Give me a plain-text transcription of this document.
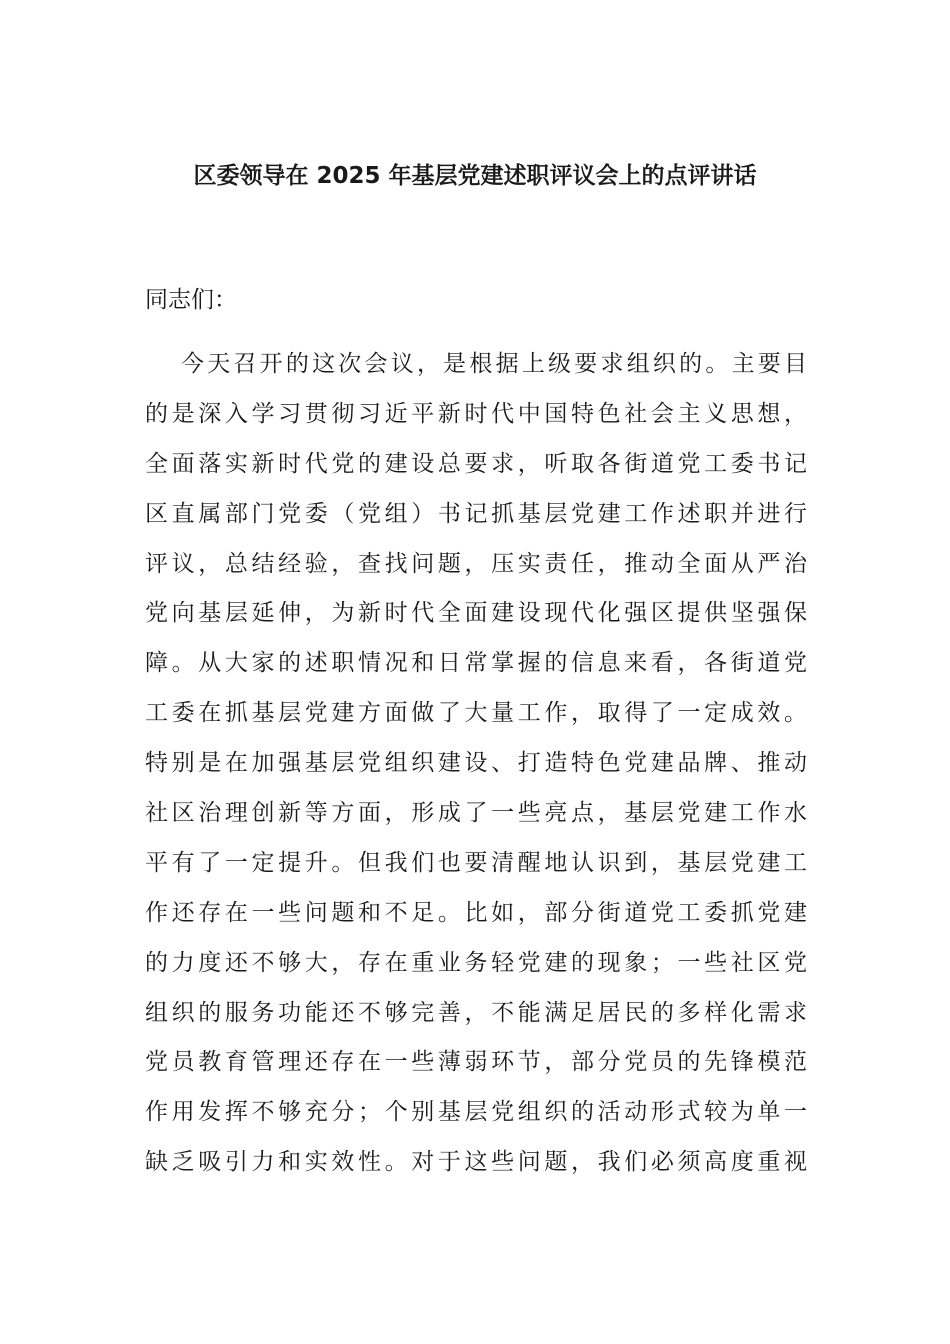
区委领导在 2025 年基层党建述职评议会上的点评讲话

同志们：

今天召开的这次会议，是根据上级要求组织的。主要目
的是深入学习贯彻习近平新时代中国特色社会主义思想，
全面落实新时代党的建设总要求，听取各街道党工委书记
区直属部门党委（党组）书记抓基层党建工作述职并进行
评议，总结经验，查找问题，压实责任，推动全面从严治
党向基层延伸，为新时代全面建设现代化强区提供坚强保
障。从大家的述职情况和日常掌握的信息来看，各街道党
工委在抓基层党建方面做了大量工作，取得了一定成效。
特别是在加强基层党组织建设、打造特色党建品牌、推动
社区治理创新等方面，形成了一些亮点，基层党建工作水
平有了一定提升。但我们也要清醒地认识到，基层党建工
作还存在一些问题和不足。比如，部分街道党工委抓党建
的力度还不够大，存在重业务轻党建的现象；一些社区党
组织的服务功能还不够完善，不能满足居民的多样化需求
党员教育管理还存在一些薄弱环节，部分党员的先锋模范
作用发挥不够充分；个别基层党组织的活动形式较为单一
缺乏吸引力和实效性。对于这些问题，我们必须高度重视
